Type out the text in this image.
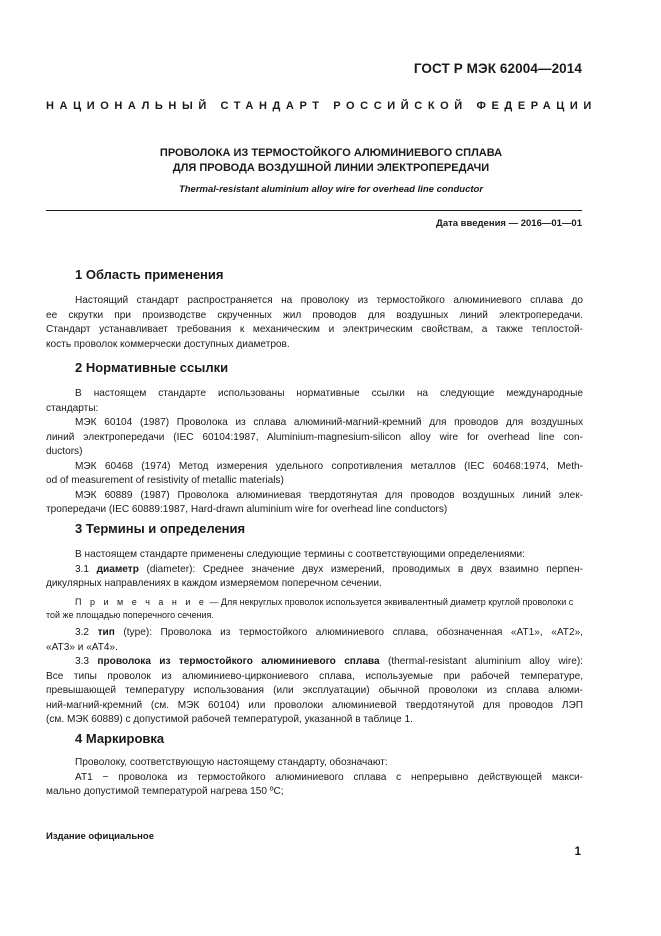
ГОСТ Р МЭК 62004—2014
НАЦИОНАЛЬНЫЙ СТАНДАРТ РОССИЙСКОЙ ФЕДЕРАЦИИ
ПРОВОЛОКА ИЗ ТЕРМОСТОЙКОГО АЛЮМИНИЕВОГО СПЛАВА
ДЛЯ ПРОВОДА ВОЗДУШНОЙ ЛИНИИ ЭЛЕКТРОПЕРЕДАЧИ
Thermal-resistant aluminium alloy wire for overhead line conductor
Дата введения — 2016—01—01
1 Область применения
Настоящий стандарт распространяется на проволоку из термостойкого алюминиевого сплава до
ее скрутки при производстве скрученных жил проводов для воздушных линий электропередачи.
Стандарт устанавливает требования к механическим и электрическим свойствам, а также теплостой-
кость проволок коммерчески доступных диаметров.
2 Нормативные ссылки
В настоящем стандарте использованы нормативные ссылки на следующие международные
стандарты:
МЭК 60104 (1987) Проволока из сплава алюминий-магний-кремний для проводов для воздушных
линий электропередачи (IEC 60104:1987, Aluminium-magnesium-silicon alloy wire for overhead line con-
ductors)
МЭК 60468 (1974) Метод измерения удельного сопротивления металлов (IEC 60468:1974, Meth-
od of measurement of resistivity of metallic materials)
МЭК 60889 (1987) Проволока алюминиевая твердотянутая для проводов воздушных линий элек-
тропередачи (IEC 60889:1987, Hard-drawn aluminium wire for overhead line conductors)
3 Термины и определения
В настоящем стандарте применены следующие термины с соответствующими определениями:
3.1 диаметр (diameter): Среднее значение двух измерений, проводимых в двух взаимно перпен-
дикулярных направлениях в каждом измеряемом поперечном сечении.
П р и м е ч а н и е — Для некруглых проволок используется эквивалентный диаметр круглой проволоки с
той же площадью поперечного сечения.
3.2 тип (type): Проволока из термостойкого алюминиевого сплава, обозначенная «АТ1», «АТ2»,
«АТ3» и «АТ4».
3.3 проволока из термостойкого алюминиевого сплава (thermal-resistant aluminium alloy wire):
Все типы проволок из алюминиево-циркониевого сплава, используемые при рабочей температуре,
превышающей температуру использования (или эксплуатации) обычной проволоки из сплава алюми-
ний-магний-кремний (см. МЭК 60104) или проволоки алюминиевой твердотянутой для проводов ЛЭП
(см. МЭК 60889) с допустимой рабочей температурой, указанной в таблице 1.
4 Маркировка
Проволоку, соответствующую настоящему стандарту, обозначают:
АТ1 − проволока из термостойкого алюминиевого сплава с непрерывно действующей макси-
мально допустимой температурой нагрева 150 ºС;
Издание официальное
1
